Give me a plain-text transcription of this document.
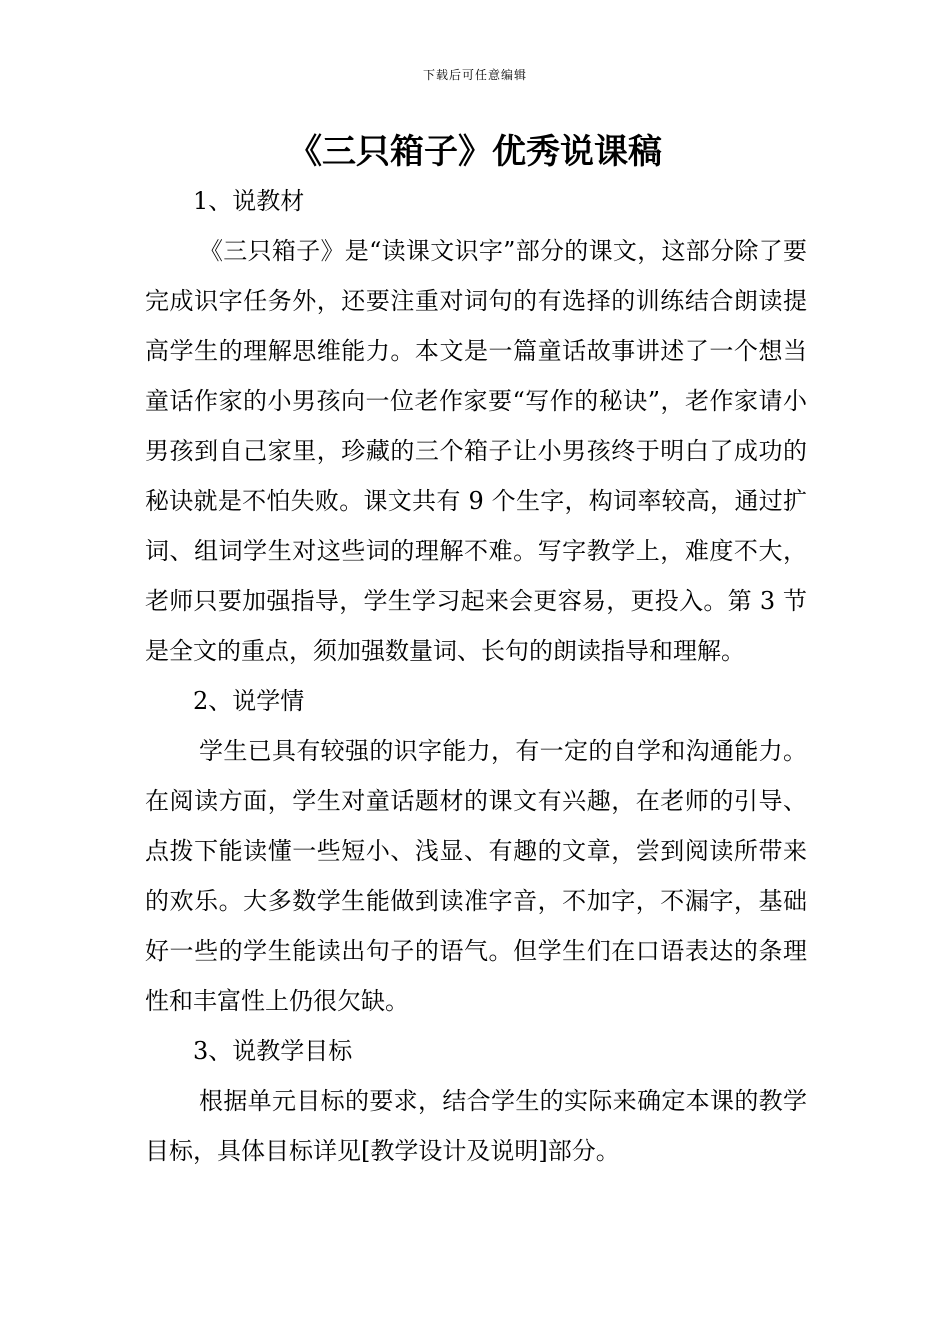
下载后可任意编辑
《三只箱子》优秀说课稿
1、说教材

《三只箱子》是“读课文识字”部分的课文，这部分除了要完成识字任务外，还要注重对词句的有选择的训练结合朗读提高学生的理解思维能力。本文是一篇童话故事讲述了一个想当童话作家的小男孩向一位老作家要“写作的秘诀”，老作家请小男孩到自己家里，珍藏的三个箱子让小男孩终于明白了成功的秘诀就是不怕失败。课文共有 9 个生字，构词率较高，通过扩词、组词学生对这些词的理解不难。写字教学上，难度不大，老师只要加强指导，学生学习起来会更容易，更投入。第 3 节是全文的重点，须加强数量词、长句的朗读指导和理解。

2、说学情

学生已具有较强的识字能力，有一定的自学和沟通能力。在阅读方面，学生对童话题材的课文有兴趣，在老师的引导、点拨下能读懂一些短小、浅显、有趣的文章，尝到阅读所带来的欢乐。大多数学生能做到读准字音，不加字，不漏字，基础好一些的学生能读出句子的语气。但学生们在口语表达的条理性和丰富性上仍很欠缺。

3、说教学目标

根据单元目标的要求，结合学生的实际来确定本课的教学目标，具体目标详见[教学设计及说明]部分。
